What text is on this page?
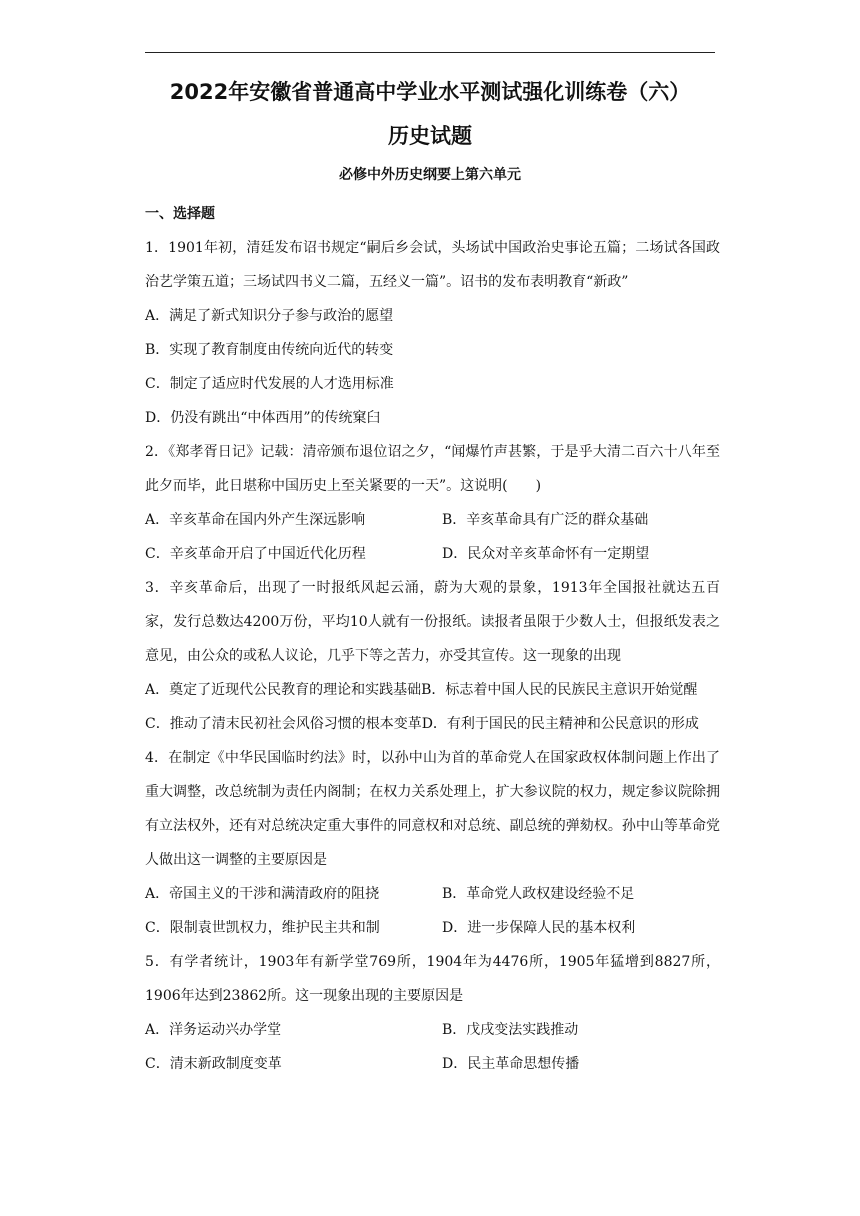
2022年安徽省普通高中学业水平测试强化训练卷（六）
历史试题
必修中外历史纲要上第六单元

一、选择题

1．1901年初，清廷发布诏书规定“嗣后乡会试，头场试中国政治史事论五篇；二场试各国政治艺学策五道；三场试四书义二篇，五经义一篇”。诏书的发布表明教育“新政”

A．满足了新式知识分子参与政治的愿望

B．实现了教育制度由传统向近代的转变

C．制定了适应时代发展的人才选用标准

D．仍没有跳出“中体西用”的传统窠臼

2．《郑孝胥日记》记载：清帝颁布退位诏之夕，“闻爆竹声甚繁，于是乎大清二百六十八年至此夕而毕，此日堪称中国历史上至关紧要的一天”。这说明(　　)

A．辛亥革命在国内外产生深远影响	B．辛亥革命具有广泛的群众基础

C．辛亥革命开启了中国近代化历程	D．民众对辛亥革命怀有一定期望

3．辛亥革命后，出现了一时报纸风起云涌，蔚为大观的景象，1913年全国报社就达五百家，发行总数达4200万份，平均10人就有一份报纸。读报者虽限于少数人士，但报纸发表之意见，由公众的或私人议论，几乎下等之苦力，亦受其宣传。这一现象的出现

A．奠定了近现代公民教育的理论和实践基础B．标志着中国人民的民族民主意识开始觉醒

C．推动了清末民初社会风俗习惯的根本变革D．有利于国民的民主精神和公民意识的形成

4．在制定《中华民国临时约法》时，以孙中山为首的革命党人在国家政权体制问题上作出了重大调整，改总统制为责任内阁制；在权力关系处理上，扩大参议院的权力，规定参议院除拥有立法权外，还有对总统决定重大事件的同意权和对总统、副总统的弹劾权。孙中山等革命党人做出这一调整的主要原因是

A．帝国主义的干涉和满清政府的阻挠	B．革命党人政权建设经验不足

C．限制袁世凯权力，维护民主共和制	D．进一步保障人民的基本权利

5．有学者统计，1903年有新学堂769所，1904年为4476所，1905年猛增到8827所，1906年达到23862所。这一现象出现的主要原因是

A．洋务运动兴办学堂	B．戊戌变法实践推动

C．清末新政制度变革	D．民主革命思想传播
